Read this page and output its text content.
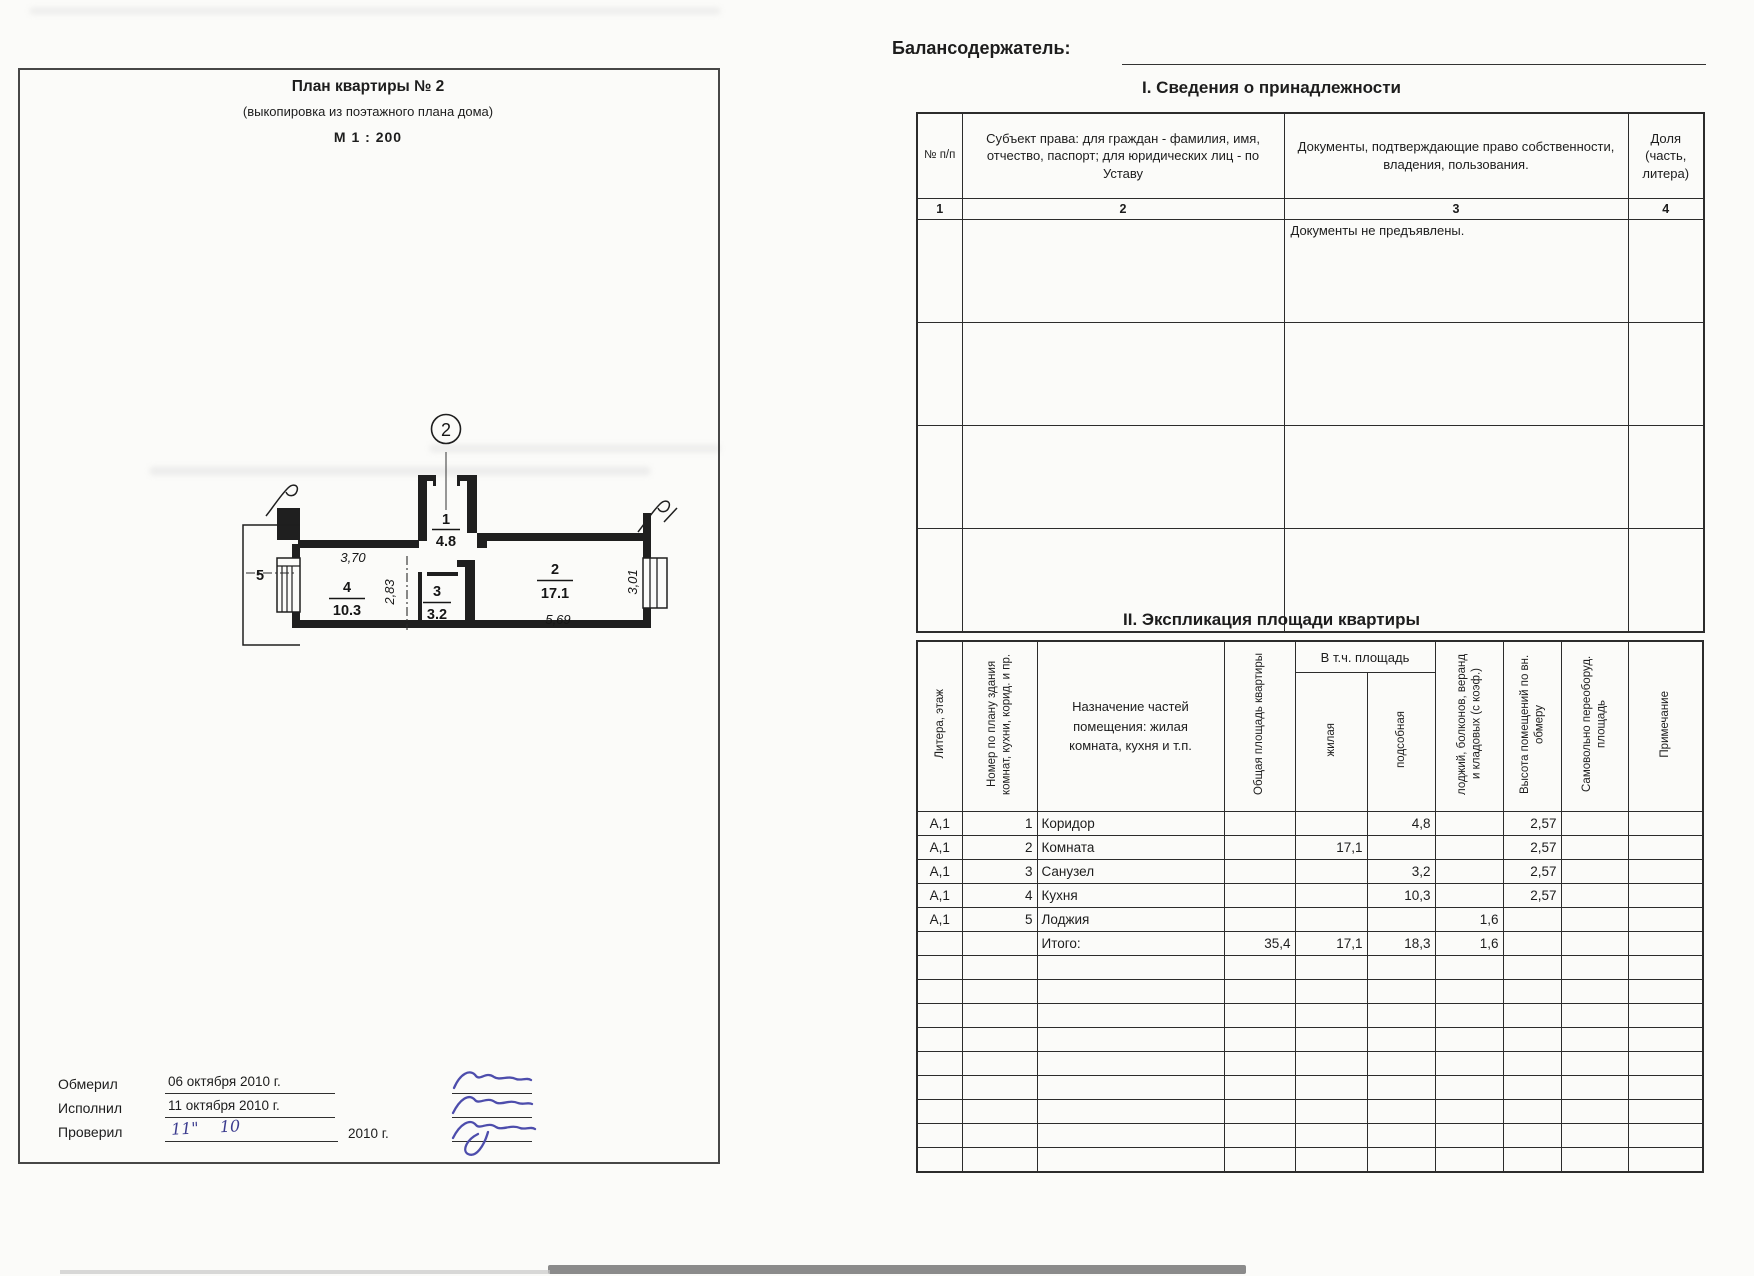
План квартиры № 2
(выкопировка из поэтажного плана дома)
М 1 : 200
2
1
4.8
2
17.1
3
3.2
4
10.3
5
3,70
2,83
5,69
3,01
Обмерил
Исполнил
Проверил
06 октября 2010 г.
11 октября 2010 г.
11" 10	2010 г.
Балансодержатель:
I. Сведения о принадлежности
№ п/п	Субъект права: для граждан - фамилия, имя, отчество, паспорт; для юридических лиц - по Уставу	Документы, подтверждающие право собственности, владения, пользования.	Доля (часть, литера)
1	2	3	4
		Документы не предъявлены.	

II. Экспликация площади квартиры
Литера, этаж	Номер по плану здания комнат, кухни, корид. и пр.	Назначение частей помещения: жилая комната, кухня и т.п.	Общая площадь квартиры	В т.ч. площадь		лоджий, болконов, веранд и кладовых (с коэф.)	Высота помещений по вн. обмеру	Самовольно переоборуд. площадь	Примечание
				жилая	подсобная				
А,1	1	Коридор			4,8		2,57		
А,1	2	Комната		17,1			2,57		
А,1	3	Санузел			3,2		2,57		
А,1	4	Кухня			10,3		2,57		
А,1	5	Лоджия				1,6			
		Итого:	35,4	17,1	18,3	1,6			
